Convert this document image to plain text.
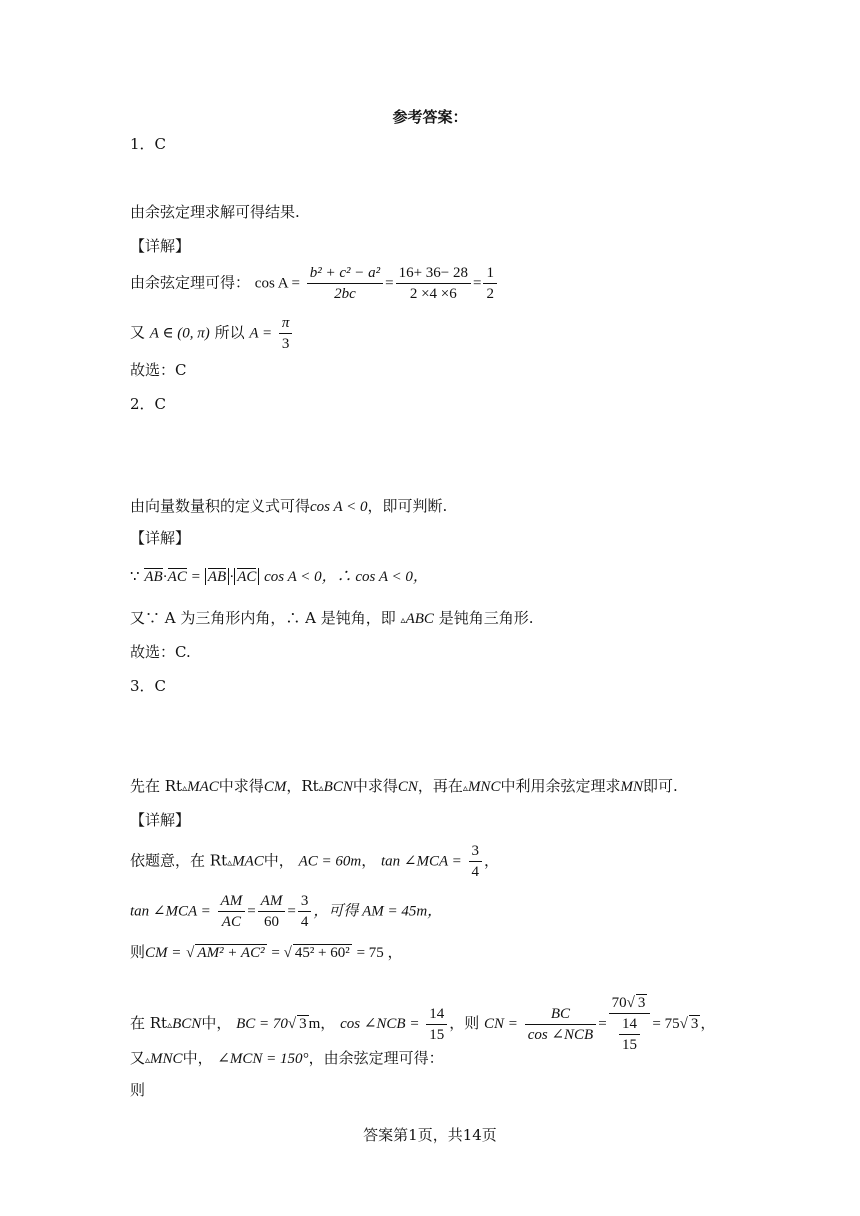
参考答案：
1．C
由余弦定理求解可得结果.
【详解】
由余弦定理可得： $\cos A = \frac{\text{b² + c² − a²}}{2bc} = \frac{16+ 36- 28}{2 \times 4 \times 6} = \frac{1}{2}$
又 A ∈ (0, π) 所以 $A = \frac{\pi}{3}$
故选：C
2．C
由向量数量积的定义式可得cos A < 0，即可判断.
【详解】
∵ AB·AC = AB · AC cos A < 0，∴ cos A < 0，
又∵ A 为三角形内角，∴ A 是钝角，即 ▵ABC 是钝角三角形.
故选：C.
3．C
先在 Rt▵MAC中求得CM，Rt▵BCN中求得CN，再在▵MNC中利用余弦定理求MN即可.
【详解】
依题意，在 Rt▵MAC中， AC = 60m， tan ∠MCA = $\frac{3}{4}$ ，
tan ∠MCA = $\frac{AM}{AC} = \frac{AM}{60} = \frac{3}{4}$ ，可得 AM = 45m，
则CM = √ AM² + AC² = √ 45² + 60² = 75 ，
在 Rt▵BCN中， BC = 70√ 3 m， cos ∠NCB = $\frac{14}{15}$ ，则 CN = $\frac{BC}{\text{cos ∠NCB}} = \frac{70√ 3}{\frac{14}{15}} = 75√$ 3 ，
又▵MNC中， ∠MCN = 150°，由余弦定理可得：
则
答案第1页，共14页
